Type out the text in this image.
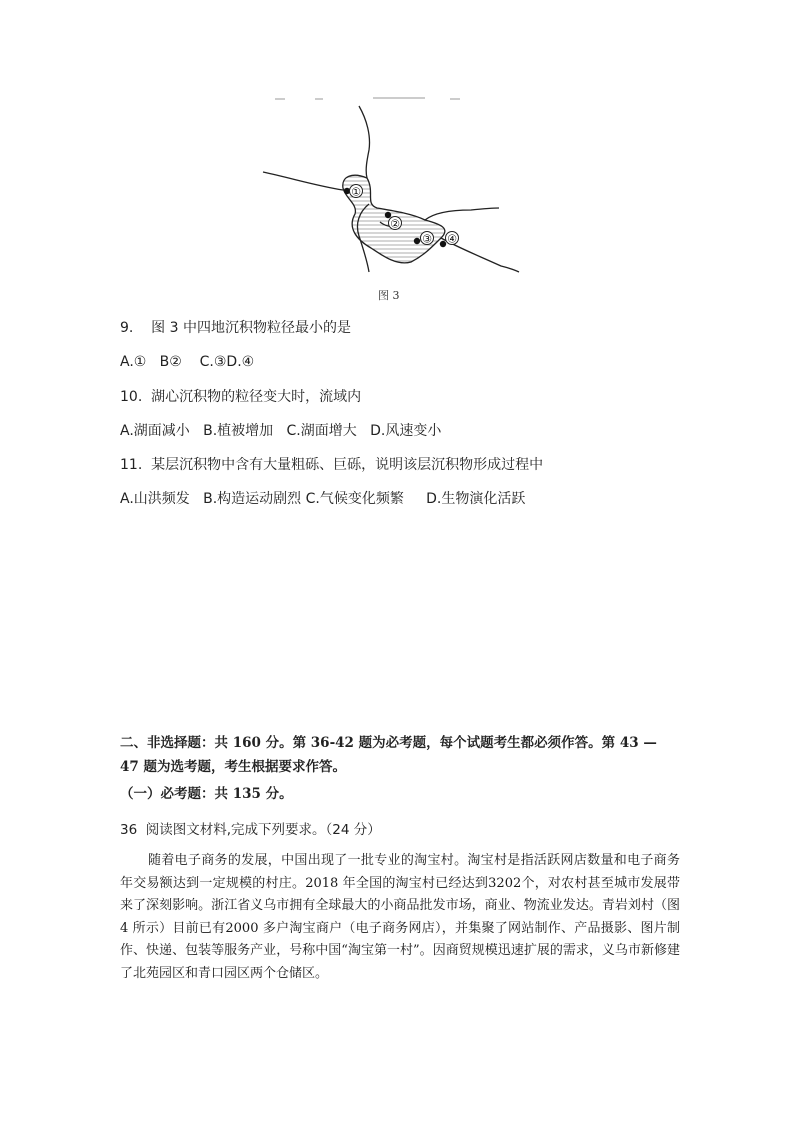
①
②
③ ④
图 3
9.    图 3 中四地沉积物粒径最小的是
A.①   B②    C.③D.④
10.  湖心沉积物的粒径变大时，流域内
A.湖面减小   B.植被增加   C.湖面增大   D.风速变小
11.  某层沉积物中含有大量粗砾、巨砾，说明该层沉积物形成过程中
A.山洪频发   B.构造运动剧烈 C.气候变化频繁     D.生物演化活跃
二、非选择题：共 160 分。第 36-42 题为必考题，每个试题考生都必须作答。第 43 — 47 题为选考题，考生根据要求作答。
（一）必考题：共 135 分。
36  阅读图文材料,完成下列要求。（24 分）
随着电子商务的发展，中国出现了一批专业的淘宝村。淘宝村是指活跃网店数量和电子商务年交易额达到一定规模的村庄。2018 年全国的淘宝村已经达到3202个，对农村甚至城市发展带来了深刻影响。浙江省义乌市拥有全球最大的小商品批发市场，商业、物流业发达。青岩刘村（图 4 所示）目前已有2000 多户淘宝商户（电子商务网店），并集聚了网站制作、产品摄影、图片制作、快递、包装等服务产业，号称中国“淘宝第一村”。因商贸规模迅速扩展的需求，义乌市新修建了北苑园区和青口园区两个仓储区。
